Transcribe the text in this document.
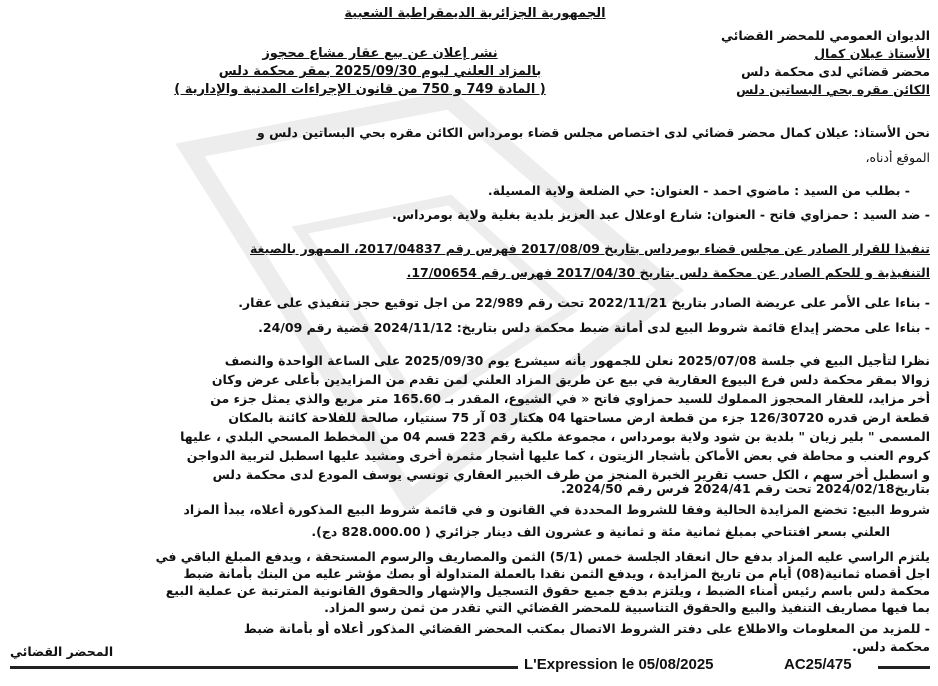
الجمهورية الجزائرية الديمقراطية الشعبية
الديوان العمومي للمحضر القضائي
الأستاذ عيلان كمال
محضر قضائي لدى محكمة دلس
الكائن مقره بحي البساتين دلس
نشر إعلان عن بيع عقار مشاع محجوز
بالمزاد العلني ليوم 2025/09/30 بمقر محكمة دلس
( المادة 749 و 750 من قانون الإجراءات المدنية والإدارية )
نحن الأستاذ: عيلان كمال محضر قضائي لدى اختصاص مجلس قضاء بومرداس الكائن مقره بحي البساتين دلس و
الموقع أدناه،
- بطلب من السيد : ماضوي احمد - العنوان: حي الضلعة ولاية المسيلة.
- ضد السيد : حمزاوي فاتح - العنوان: شارع اوعلال عبد العزيز بلدية بغلية ولاية بومرداس.
تنفيذا للقرار الصادر عن مجلس قضاء بومرداس بتاريخ 2017/08/09 فهرس رقم 2017/04837، الممهور بالصيغة
التنفيذية و للحكم الصادر عن محكمة دلس بتاريخ 2017/04/30 فهرس رقم 17/00654.
- بناءا على الأمر على عريضة الصادر بتاريخ 2022/11/21 تحت رقم 22/989 من اجل توقيع حجز تنفيذي على عقار.
- بناءا على محضر إيداع قائمة شروط البيع لدى أمانة ضبط محكمة دلس بتاريخ: 2024/11/12 قضية رقم 24/09.
نظرا لتأجيل البيع في جلسة 2025/07/08 نعلن للجمهور بأنه سيشرع يوم 2025/09/30 على الساعة الواحدة والنصف
زوالا بمقر محكمة دلس فرع البيوع العقارية في بيع عن طريق المزاد العلني لمن تقدم من المزايدين بأعلى عرض وكان
أخر مزايد، للعقار المحجوز المملوك للسيد حمزاوي فاتح « في الشيوع، المقدر بـ 165.60 متر مربع والذي يمثل جزء من
قطعة ارض قدره 126/30720 جزء من قطعة ارض مساحتها 04 هكتار 03 آر 75 سنتيار، صالحة للفلاحة كائنة بالمكان
المسمى " بلير زيان " بلدية بن شود ولاية بومرداس ، مجموعة ملكية رقم 223 قسم 04 من المخطط المسحي البلدي ، عليها
كروم العنب و محاطة في بعض الأماكن بأشجار الزيتون ، كما عليها أشجار مثمرة أخرى ومشيد عليها اسطبل لتربية الدواجن
و اسطبل أخر سهم ، الكل حسب تقرير الخبرة المنجز من طرف الخبير العقاري تونسي يوسف المودع لدى محكمة دلس
بتاريخ2024/02/18 تحت رقم 2024/41 فرس رقم 2024/50.
شروط البيع: تخضع المزايدة الحالية وفقا للشروط المحددة في القانون و في قائمة شروط البيع المذكورة أعلاه، يبدأ المزاد
العلني بسعر افتتاحي بمبلغ ثمانية مئة و ثمانية و عشرون الف دينار جزائري ( 828.000.00 دج).
يلتزم الراسي عليه المزاد بدفع حال انعقاد الجلسة خمس (5/1) الثمن والمصاريف والرسوم المستحقة ، ويدفع المبلغ الباقي في
اجل أقصاه ثمانية(08) أيام من تاريخ المزايدة ، ويدفع الثمن نقدا بالعملة المتداولة أو بصك مؤشر عليه من البنك بأمانة ضبط
محكمة دلس باسم رئيس أمناء الضبط ، ويلتزم بدفع جميع حقوق التسجيل والإشهار والحقوق القانونية المترتبة عن عملية البيع
بما فيها مصاريف التنفيذ والبيع والحقوق التناسبية للمحضر القضائي التي تقدر من ثمن رسو المزاد.
- للمزيد من المعلومات والاطلاع على دفتر الشروط الاتصال بمكتب المحضر القضائي المذكور أعلاه أو بأمانة ضبط
محكمة دلس.
المحضر القضائي
L'Expression le 05/08/2025	AC25/475
